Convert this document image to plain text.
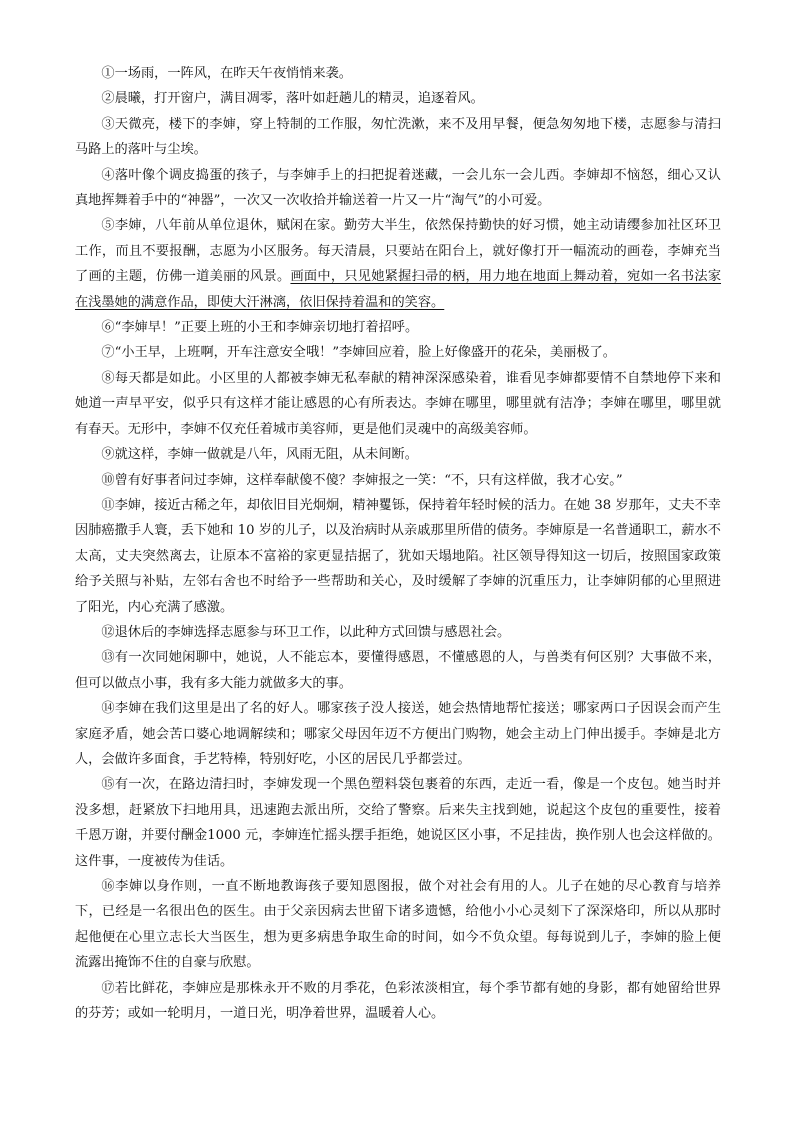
①一场雨，一阵风，在昨天午夜悄悄来袭。

②晨曦，打开窗户，满目凋零，落叶如赶趟儿的精灵，追逐着风。

③天微亮，楼下的李婶，穿上特制的工作服，匆忙洗漱，来不及用早餐，便急匆匆地下楼，志愿参与清扫马路上的落叶与尘埃。

④落叶像个调皮捣蛋的孩子，与李婶手上的扫把捉着迷藏，一会儿东一会儿西。李婶却不恼怒，细心又认真地挥舞着手中的“神器”，一次又一次收拾并输送着一片又一片“淘气”的小可爱。

⑤李婶，八年前从单位退休，赋闲在家。勤劳大半生，依然保持勤快的好习惯，她主动请缨参加社区环卫工作，而且不要报酬，志愿为小区服务。每天清晨，只要站在阳台上，就好像打开一幅流动的画卷，李婶充当了画的主题，仿佛一道美丽的风景。画面中，只见她紧握扫帚的柄，用力地在地面上舞动着，宛如一名书法家在浅墨她的满意作品，即使大汗淋漓，依旧保持着温和的笑容。

⑥“李婶早！”正要上班的小王和李婶亲切地打着招呼。

⑦“小王早，上班啊，开车注意安全哦！”李婶回应着，脸上好像盛开的花朵，美丽极了。

⑧每天都是如此。小区里的人都被李婶无私奉献的精神深深感染着，谁看见李婶都要情不自禁地停下来和她道一声早平安，似乎只有这样才能让感恩的心有所表达。李婶在哪里，哪里就有洁净；李婶在哪里，哪里就有春天。无形中，李婶不仅充任着城市美容师，更是他们灵魂中的高级美容师。

⑨就这样，李婶一做就是八年，风雨无阻，从未间断。

⑩曾有好事者问过李婶，这样奉献傻不傻？李婶报之一笑：“不，只有这样做，我才心安。”

⑪李婶，接近古稀之年，却依旧目光炯炯，精神矍铄，保持着年轻时候的活力。在她 38 岁那年，丈夫不幸因肺癌撒手人寰，丢下她和 10 岁的儿子，以及治病时从亲戚那里所借的债务。李婶原是一名普通职工，薪水不太高，丈夫突然离去，让原本不富裕的家更显拮据了，犹如天塌地陷。社区领导得知这一切后，按照国家政策给予关照与补贴，左邻右舍也不时给予一些帮助和关心，及时缓解了李婶的沉重压力，让李婶阴郁的心里照进了阳光，内心充满了感激。

⑫退休后的李婶选择志愿参与环卫工作，以此种方式回馈与感恩社会。

⑬有一次同她闲聊中，她说，人不能忘本，要懂得感恩，不懂感恩的人，与兽类有何区别？大事做不来，但可以做点小事，我有多大能力就做多大的事。

⑭李婶在我们这里是出了名的好人。哪家孩子没人接送，她会热情地帮忙接送；哪家两口子因误会而产生家庭矛盾，她会苦口婆心地调解续和；哪家父母因年迈不方便出门购物，她会主动上门伸出援手。李婶是北方人，会做许多面食，手艺特棒，特别好吃，小区的居民几乎都尝过。

⑮有一次，在路边清扫时，李婶发现一个黑色塑料袋包裹着的东西，走近一看，像是一个皮包。她当时并没多想，赶紧放下扫地用具，迅速跑去派出所，交给了警察。后来失主找到她，说起这个皮包的重要性，接着千恩万谢，并要付酬金1000 元，李婶连忙摇头摆手拒绝，她说区区小事，不足挂齿，换作别人也会这样做的。这件事，一度被传为佳话。

⑯李婶以身作则，一直不断地教诲孩子要知恩图报，做个对社会有用的人。儿子在她的尽心教育与培养下，已经是一名很出色的医生。由于父亲因病去世留下诸多遗憾，给他小小心灵刻下了深深烙印，所以从那时起他便在心里立志长大当医生，想为更多病患争取生命的时间，如今不负众望。每每说到儿子，李婶的脸上便流露出掩饰不住的自豪与欣慰。

⑰若比鲜花，李婶应是那株永开不败的月季花，色彩浓淡相宜，每个季节都有她的身影，都有她留给世界的芬芳；或如一轮明月，一道日光，明净着世界，温暖着人心。
